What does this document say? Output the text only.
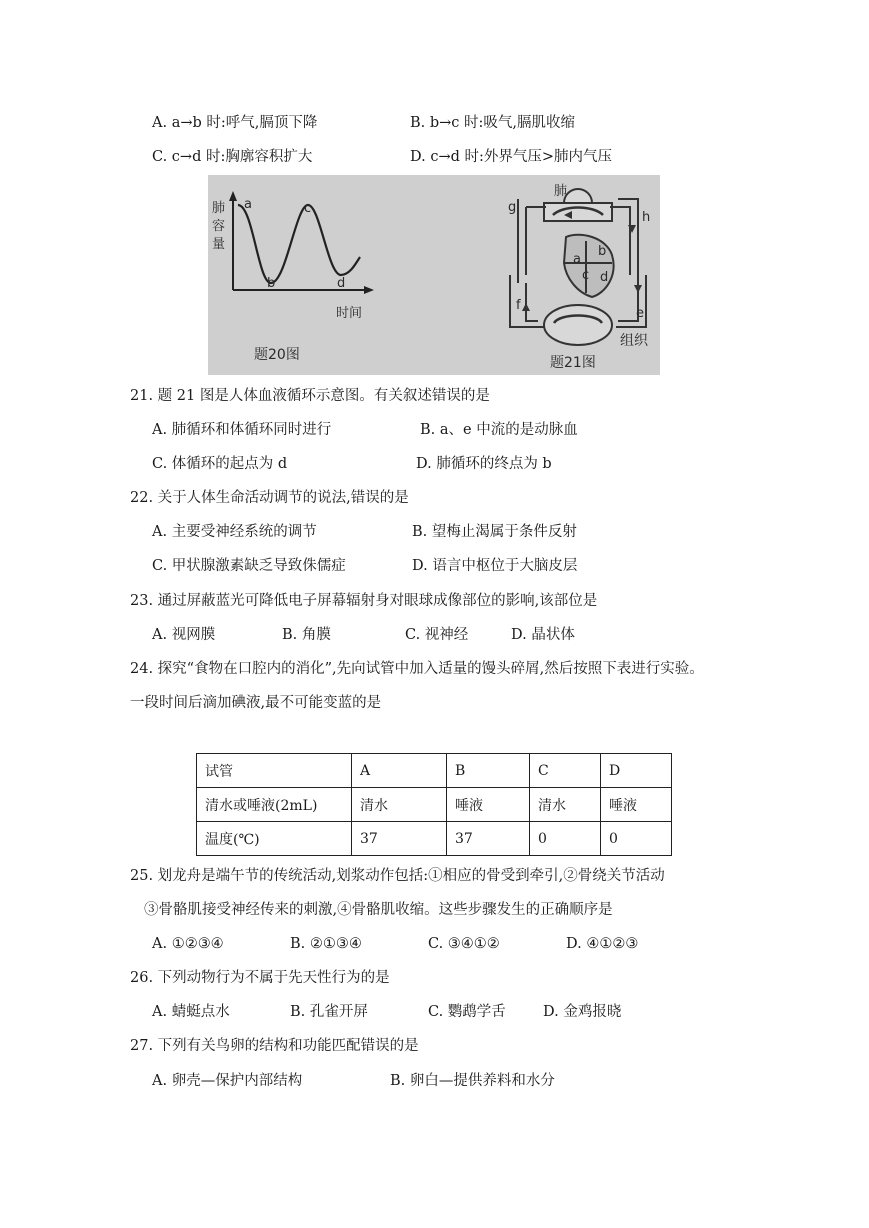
A. a→b 时:呼气,膈顶下降	B. b→c 时:吸气,膈肌收缩
C. c→d 时:胸廓容积扩大	D. c→d 时:外界气压>肺内气压
肺
容
量
a
b
c
d
时间
题20图
肺
g
h
a
b
c d
e
f
组织
题21图
21. 题 21 图是人体血液循环示意图。有关叙述错误的是
A. 肺循环和体循环同时进行	B. a、e 中流的是动脉血
C. 体循环的起点为 d	D. 肺循环的终点为 b
22. 关于人体生命活动调节的说法,错误的是
A. 主要受神经系统的调节	B. 望梅止渴属于条件反射
C. 甲状腺激素缺乏导致侏儒症	D. 语言中枢位于大脑皮层
23. 通过屏蔽蓝光可降低电子屏幕辐射身对眼球成像部位的影响,该部位是
A. 视网膜	B. 角膜	C. 视神经	D. 晶状体
24. 探究“食物在口腔内的消化”,先向试管中加入适量的馒头碎屑,然后按照下表进行实验。
一段时间后滴加碘液,最不可能变蓝的是
试管	A	B	C	D
清水或唾液(2mL)	清水	唾液	清水	唾液
温度(℃)	37	37	0	0
25. 划龙舟是端午节的传统活动,划浆动作包括:①相应的骨受到牵引,②骨绕关节活动
③骨骼肌接受神经传来的刺激,④骨骼肌收缩。这些步骤发生的正确顺序是
A. ①②③④	B. ②①③④	C. ③④①②	D. ④①②③
26. 下列动物行为不属于先天性行为的是
A. 蜻蜓点水	B. 孔雀开屏	C. 鹦鹉学舌	D. 金鸡报晓
27. 下列有关鸟卵的结构和功能匹配错误的是
A. 卵壳—保护内部结构	B. 卵白—提供养料和水分
